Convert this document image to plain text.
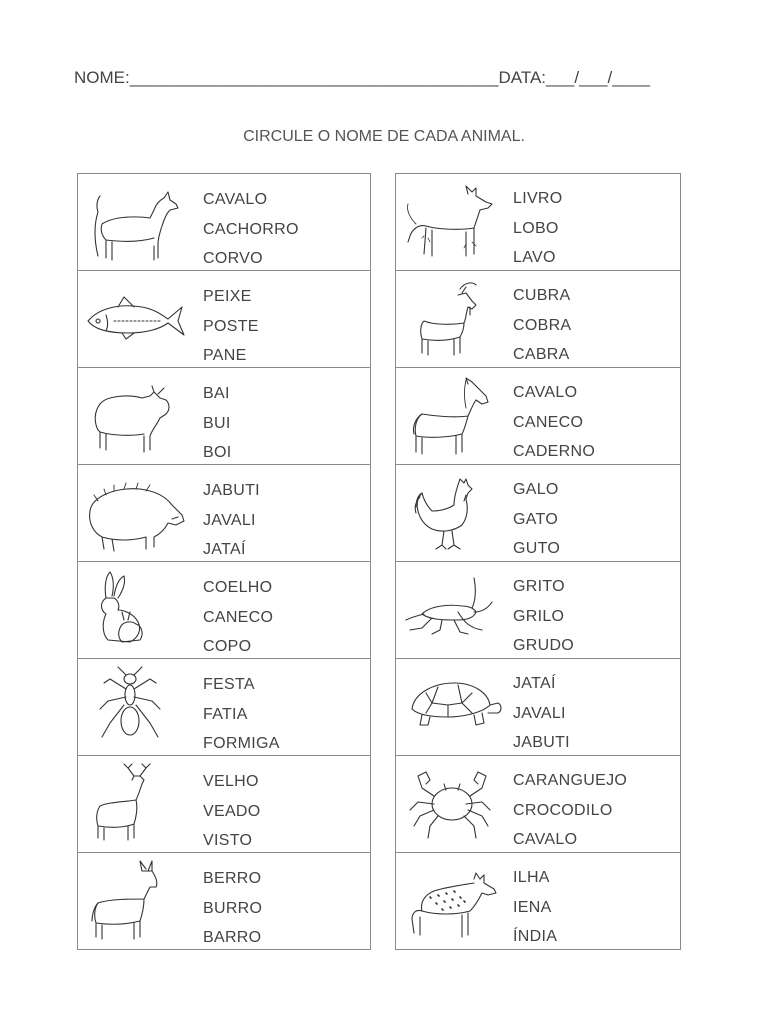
NOME:_______________________________________DATA:___/___/____
CIRCULE O NOME DE CADA ANIMAL.
CAVALO
CACHORRO
CORVO
PEIXE
POSTE
PANE
BAI
BUI
BOI
JABUTI
JAVALI
JATAÍ
COELHO
CANECO
COPO
FESTA
FATIA
FORMIGA
VELHO
VEADO
VISTO
BERRO
BURRO
BARRO
LIVRO
LOBO
LAVO
CUBRA
COBRA
CABRA
CAVALO
CANECO
CADERNO
GALO
GATO
GUTO
GRITO
GRILO
GRUDO
JATAÍ
JAVALI
JABUTI
CARANGUEJO
CROCODILO
CAVALO
ILHA
IENA
ÍNDIA
